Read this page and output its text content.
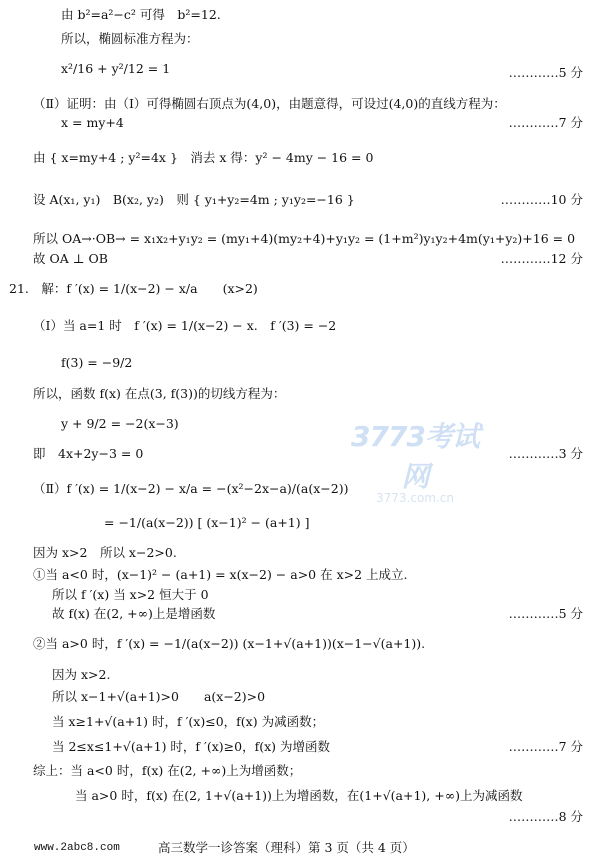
由 b²=a²−c² 可得　b²=12.
所以，椭圆标准方程为：
x²/16 + y²/12 = 1	…………5 分
（Ⅱ）证明：由（Ⅰ）可得椭圆右顶点为(4,0)，由题意得，可设过(4,0)的直线方程为：
x = my+4	…………7 分
由 { x=my+4 ; y²=4x }　消去 x 得：y² − 4my − 16 = 0
设 A(x₁, y₁)　B(x₂, y₂)　则 { y₁+y₂=4m ; y₁y₂=−16 }	…………10 分
所以 OA→·OB→ = x₁x₂+y₁y₂ = (my₁+4)(my₂+4)+y₁y₂ = (1+m²)y₁y₂+4m(y₁+y₂)+16 = 0
故 OA ⊥ OB	…………12 分
21.　解：f ′(x) = 1/(x−2) − x/a　　(x>2)
（Ⅰ）当 a=1 时　f ′(x) = 1/(x−2) − x.　f ′(3) = −2
f(3) = −9/2
所以，函数 f(x) 在点(3, f(3))的切线方程为：
y + 9/2 = −2(x−3)
即　4x+2y−3 = 0	…………3 分
3773考试网
3773.com.cn
（Ⅱ）f ′(x) = 1/(x−2) − x/a = −(x²−2x−a)/(a(x−2))
= −1/(a(x−2)) [ (x−1)² − (a+1) ]
因为 x>2　所以 x−2>0.
①当 a<0 时，(x−1)² − (a+1) = x(x−2) − a>0 在 x>2 上成立.
所以 f ′(x) 当 x>2 恒大于 0
故 f(x) 在(2, +∞)上是增函数	…………5 分
②当 a>0 时，f ′(x) = −1/(a(x−2)) (x−1+√(a+1))(x−1−√(a+1)).
因为 x>2.
所以 x−1+√(a+1)>0　　a(x−2)>0
当 x≥1+√(a+1) 时，f ′(x)≤0，f(x) 为减函数；
当 2≤x≤1+√(a+1) 时，f ′(x)≥0，f(x) 为增函数	…………7 分
综上：当 a<0 时，f(x) 在(2, +∞)上为增函数；
当 a>0 时，f(x) 在(2, 1+√(a+1))上为增函数，在(1+√(a+1), +∞)上为减函数
…………8 分
www.2abc8.com	高三数学一诊答案（理科）第 3 页（共 4 页）
